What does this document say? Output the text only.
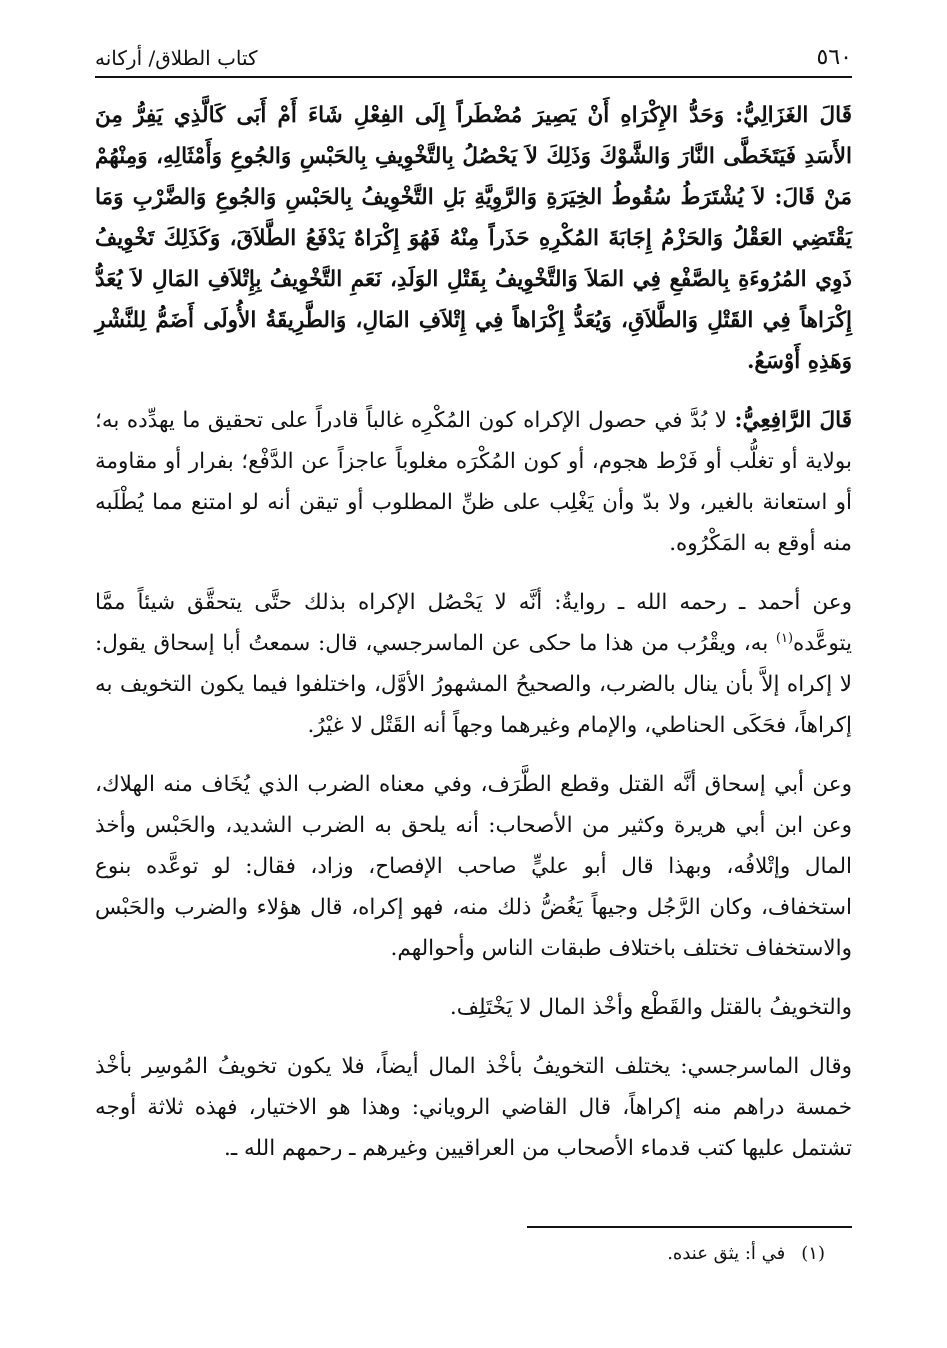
٥٦٠
كتاب الطلاق/ أركانه

قَالَ الغَزَالِيُّ: وَحَدُّ الإِكْرَاهِ أَنْ يَصِيرَ مُضْطَراً إِلَى الفِعْلِ شَاءَ أَمْ أَبَى كَالَّذِي يَفِرُّ مِنَ الأَسَدِ فَيَتَخَطَّى النَّارَ وَالشَّوْكَ وَذَلِكَ لاَ يَحْصُلُ بِالتَّخْوِيفِ بِالحَبْسِ وَالجُوعِ وَأَمْثَالِهِ، وَمِنْهُمْ مَنْ قَالَ: لاَ يُشْتَرَطُ سُقُوطُ الخِيَرَةِ وَالرَّوِيَّةِ بَلِ التَّخْوِيفُ بِالحَبْسِ وَالجُوعِ وَالضَّرْبِ وَمَا يَقْتَضِي العَقْلُ وَالحَزْمُ إِجَابَةَ المُكْرِهِ حَذَراً مِنْهُ فَهُوَ إِكْرَاهٌ يَدْفَعُ الطَّلاَقَ، وَكَذَلِكَ تَخْوِيفُ ذَوِي المُرُوءَةِ بِالصَّفْعِ فِي المَلاَ وَالتَّخْوِيفُ بِقَتْلِ الوَلَدِ، نَعَمِ التَّخْوِيفُ بِإِتْلاَفِ المَالِ لاَ يُعَدُّ إِكْرَاهاً فِي القَتْلِ وَالطَّلاَقِ، وَيُعَدُّ إِكْرَاهاً فِي إِتْلاَفِ المَالِ، وَالطَّرِيقَةُ الأُولَى أَضَمُّ لِلنَّشْرِ وَهَذِهِ أَوْسَعُ.

قَالَ الرَّافِعِيُّ: لا بُدَّ في حصول الإكراه كون المُكْرِه غالباً قادراً على تحقيق ما يهدِّده به؛ بولاية أو تغلُّب أو فَرْط هجوم، أو كون المُكْرَه مغلوباً عاجزاً عن الدَّفْع؛ بفرار أو مقاومة أو استعانة بالغير، ولا بدّ وأن يَغْلِب على ظنِّ المطلوب أو تيقن أنه لو امتنع مما يُطْلَبه منه أوقع به المَكْرُوه.

وعن أحمد ـ رحمه الله ـ روايةٌ: أنَّه لا يَحْصُل الإكراه بذلك حتَّى يتحقَّق شيئاً ممَّا يتوعَّده$^{(١)}$ به، ويقْرُب من هذا ما حكى عن الماسرجسي، قال: سمعتُ أبا إسحاق يقول: لا إكراه إلاَّ بأن ينال بالضرب، والصحيحُ المشهورُ الأوَّل، واختلفوا فيما يكون التخويف به إكراهاً، فحَكَى الحناطي، والإمام وغيرهما وجهاً أنه القَتْل لا غيْرُ.

وعن أبي إسحاق أنَّه القتل وقطع الطَّرَف، وفي معناه الضرب الذي يُخَاف منه الهلاك، وعن ابن أبي هريرة وكثير من الأصحاب: أنه يلحق به الضرب الشديد، والحَبْس وأخذ المال وإتْلافُه، وبهذا قال أبو عليٍّ صاحب الإفصاح، وزاد، فقال: لو توعَّده بنوع استخفاف، وكان الرَّجُل وجيهاً يَغُضُّ ذلك منه، فهو إكراه، قال هؤلاء والضرب والحَبْس والاستخفاف تختلف باختلاف طبقات الناس وأحوالهم.

والتخويفُ بالقتل والقَطْع وأخْذ المال لا يَخْتَلِف.

وقال الماسرجسي: يختلف التخويفُ بأخْذ المال أيضاً، فلا يكون تخويفُ المُوسِر بأخْذ خمسة دراهم منه إكراهاً، قال القاضي الروياني: وهذا هو الاختيار، فهذه ثلاثة أوجه تشتمل عليها كتب قدماء الأصحاب من العراقيين وغيرهم ـ رحمهم الله ـ.

(١)في أ: يثق عنده.
